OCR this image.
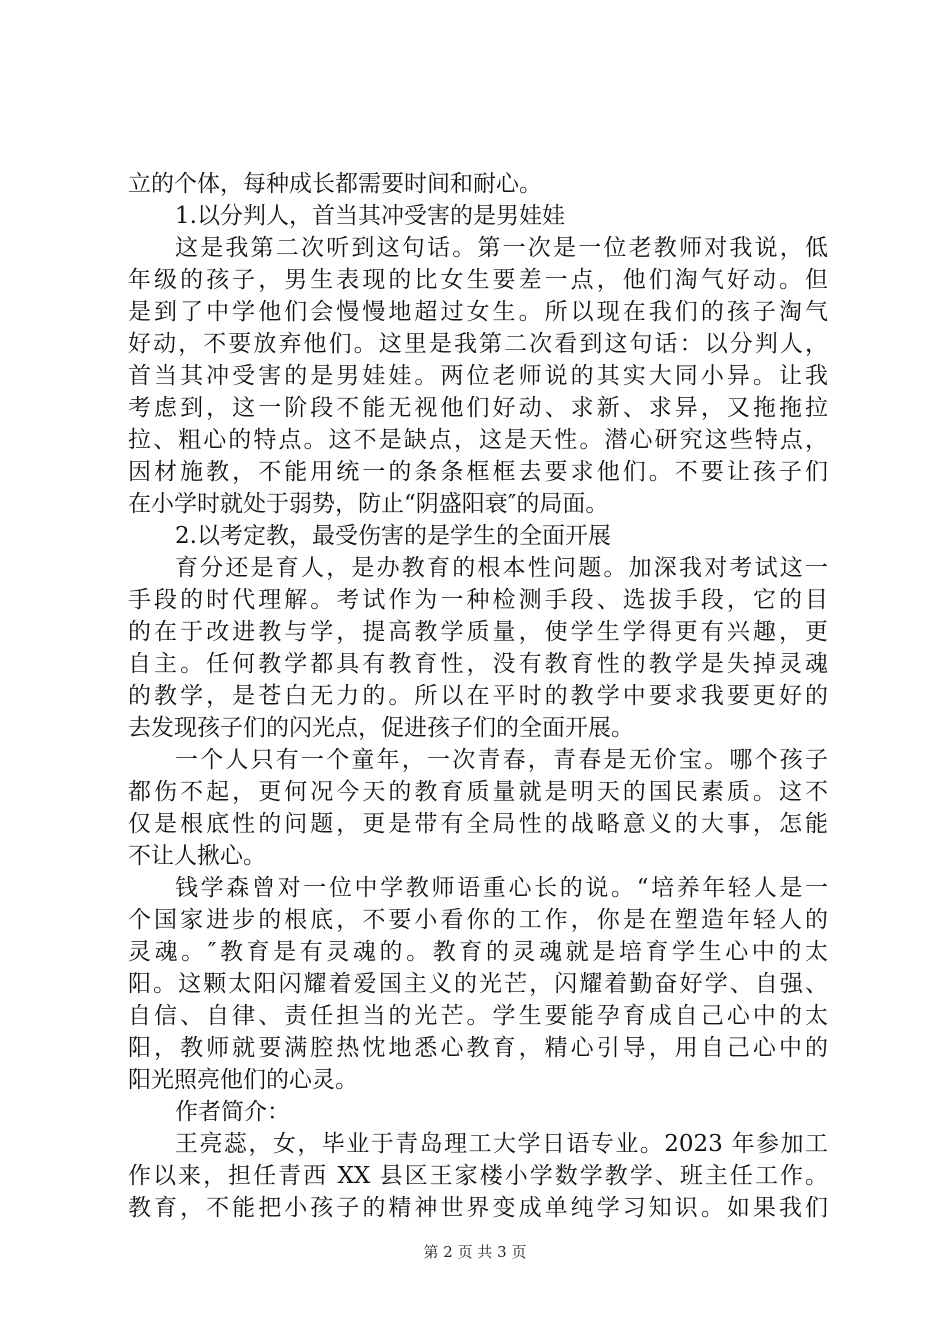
立的个体，每种成长都需要时间和耐心。
1.以分判人，首当其冲受害的是男娃娃
这是我第二次听到这句话。第一次是一位老教师对我说，低
年级的孩子，男生表现的比女生要差一点，他们淘气好动。但
是到了中学他们会慢慢地超过女生。所以现在我们的孩子淘气
好动，不要放弃他们。这里是我第二次看到这句话：以分判人，
首当其冲受害的是男娃娃。两位老师说的其实大同小异。让我
考虑到，这一阶段不能无视他们好动、求新、求异，又拖拖拉
拉、粗心的特点。这不是缺点，这是天性。潜心研究这些特点，
因材施教，不能用统一的条条框框去要求他们。不要让孩子们
在小学时就处于弱势，防止“阴盛阳衰″的局面。
2.以考定教，最受伤害的是学生的全面开展
育分还是育人，是办教育的根本性问题。加深我对考试这一
手段的时代理解。考试作为一种检测手段、选拔手段，它的目
的在于改进教与学，提高教学质量，使学生学得更有兴趣，更
自主。任何教学都具有教育性，没有教育性的教学是失掉灵魂
的教学，是苍白无力的。所以在平时的教学中要求我要更好的
去发现孩子们的闪光点，促进孩子们的全面开展。
一个人只有一个童年，一次青春，青春是无价宝。哪个孩子
都伤不起，更何况今天的教育质量就是明天的国民素质。这不
仅是根底性的问题，更是带有全局性的战略意义的大事，怎能
不让人揪心。
钱学森曾对一位中学教师语重心长的说。“培养年轻人是一
个国家进步的根底，不要小看你的工作，你是在塑造年轻人的
灵魂。″教育是有灵魂的。教育的灵魂就是培育学生心中的太
阳。这颗太阳闪耀着爱国主义的光芒，闪耀着勤奋好学、自强、
自信、自律、责任担当的光芒。学生要能孕育成自己心中的太
阳，教师就要满腔热忱地悉心教育，精心引导，用自己心中的
阳光照亮他们的心灵。
作者简介：
王亮蕊，女，毕业于青岛理工大学日语专业。2023 年参加工
作以来，担任青西 XX 县区王家楼小学数学教学、班主任工作。
教育，不能把小孩子的精神世界变成单纯学习知识。如果我们
第 2 页 共 3 页
